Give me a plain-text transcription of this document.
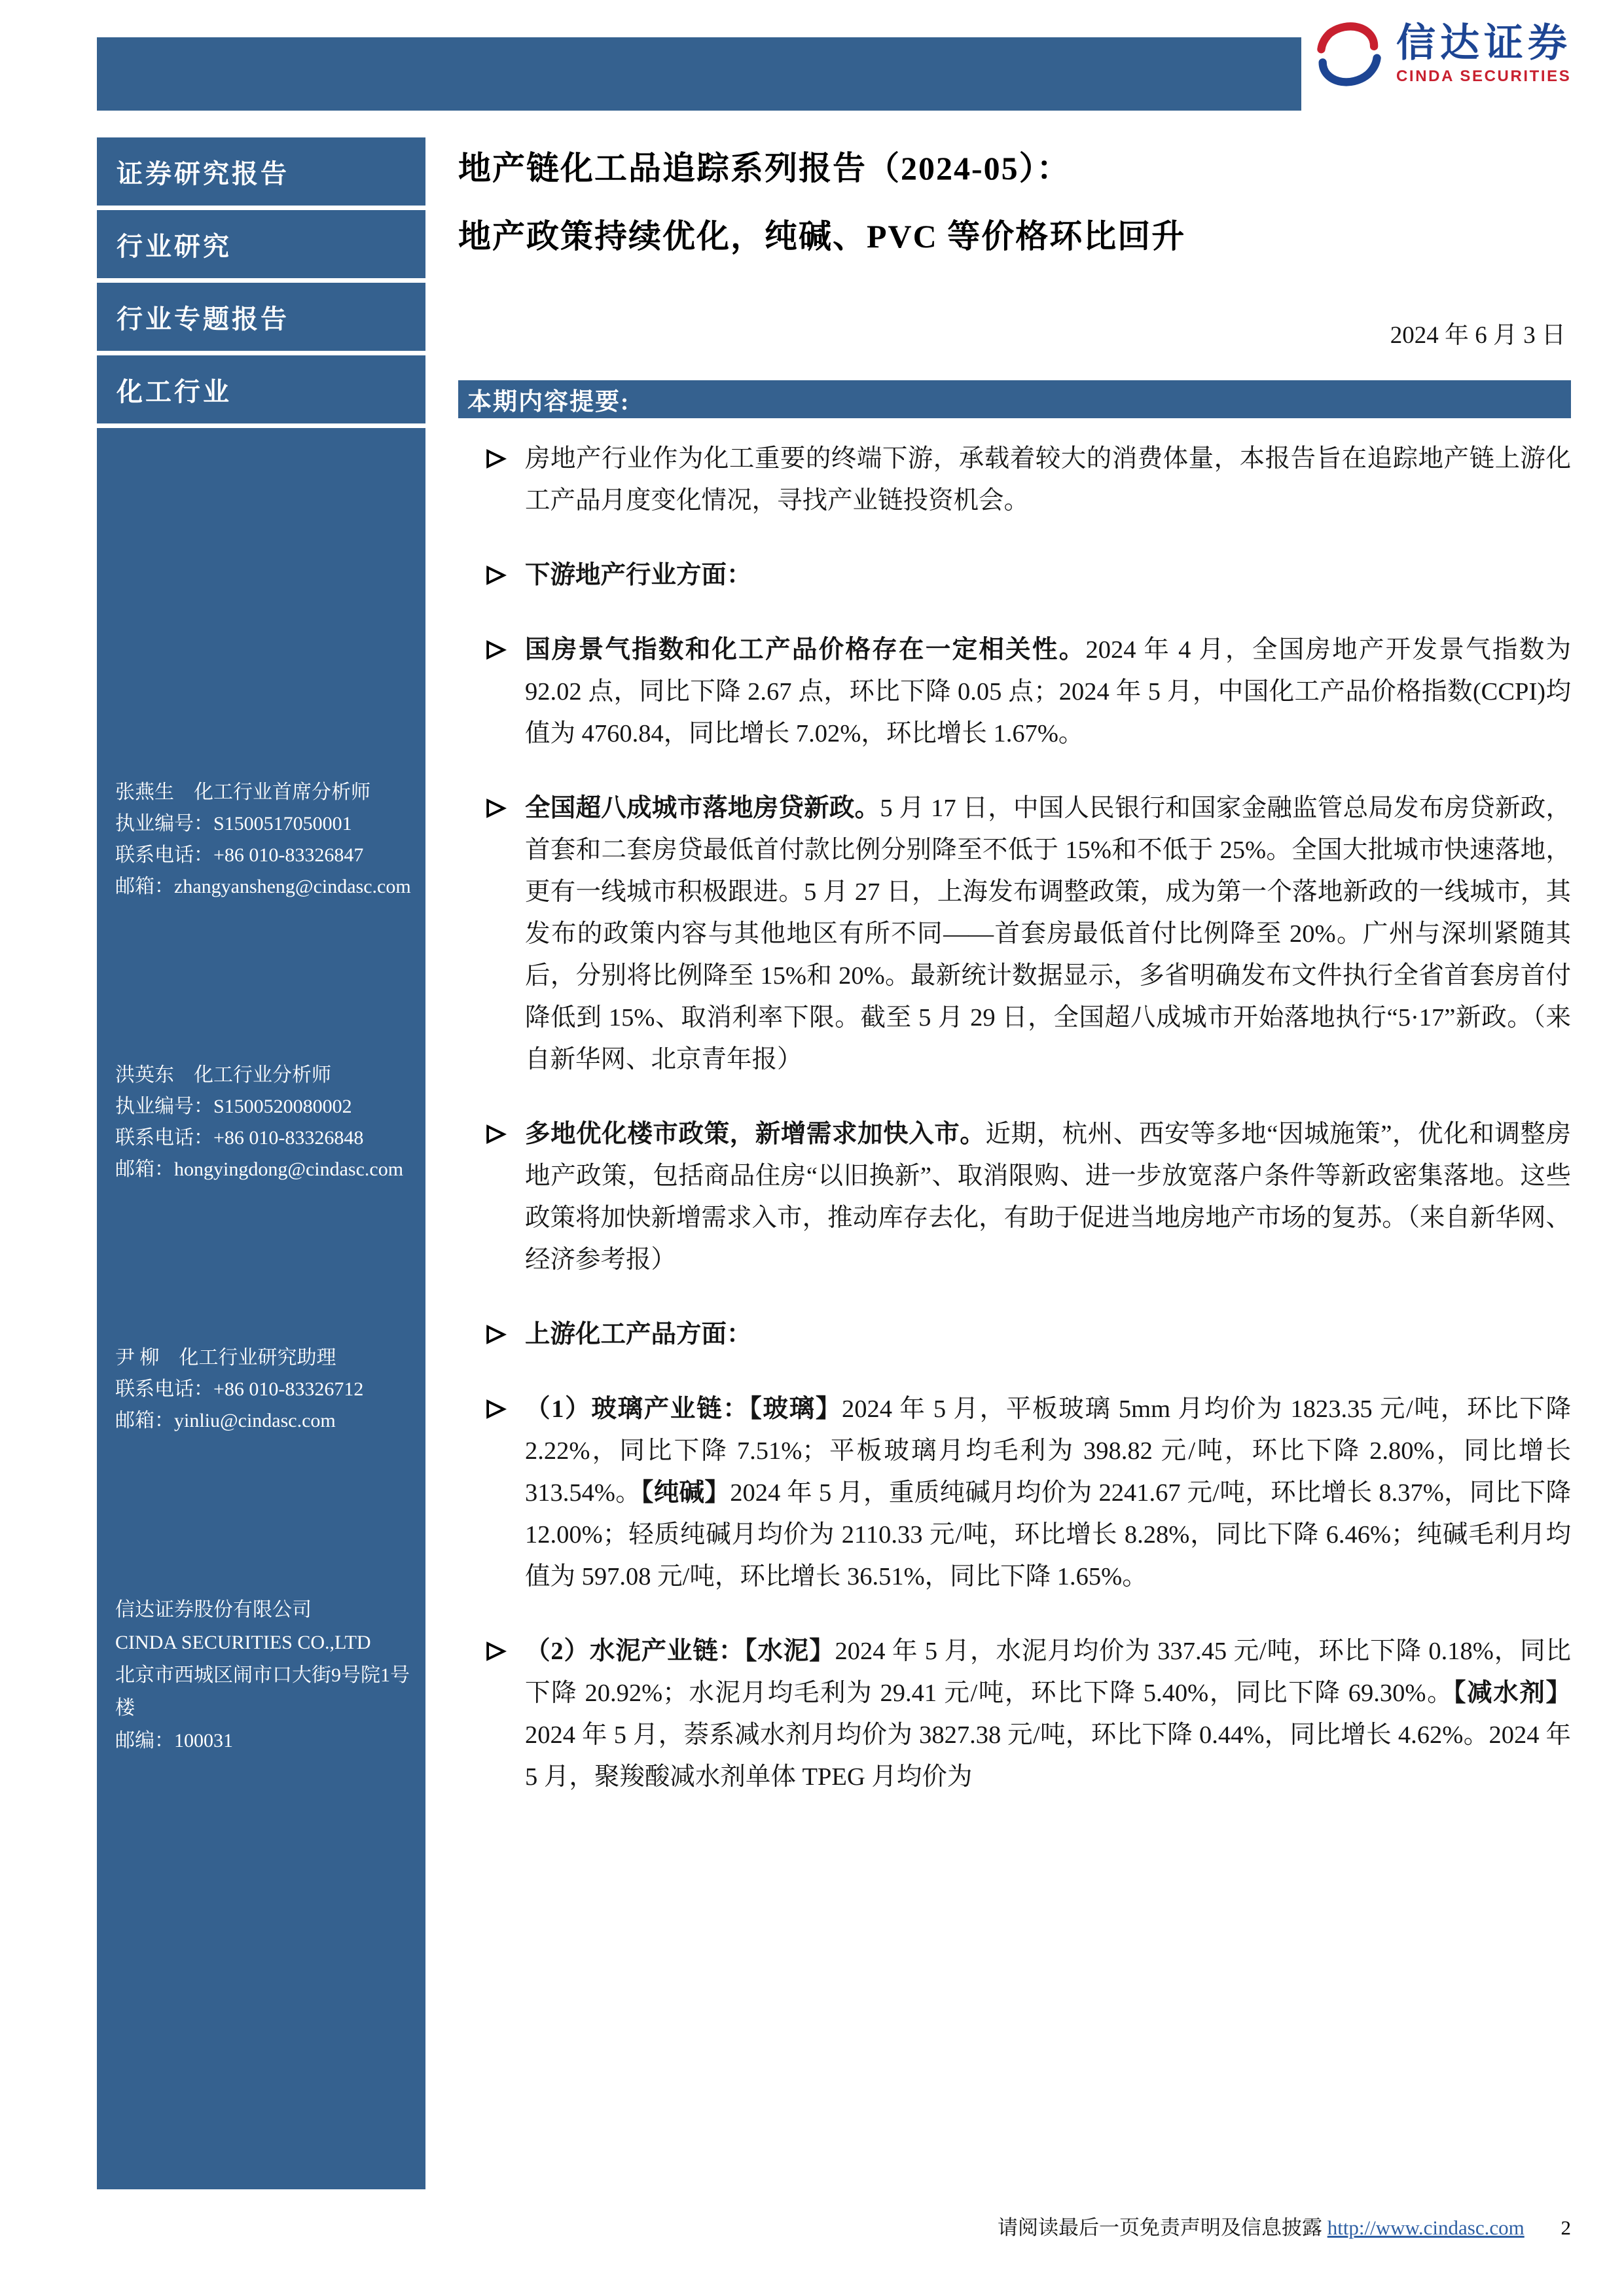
信达证券
CINDA SECURITIES
证券研究报告
行业研究
行业专题报告
化工行业
张燕生　化工行业首席分析师
执业编号：S1500517050001
联系电话：+86 010-83326847
邮箱：zhangyansheng@cindasc.com
洪英东　化工行业分析师
执业编号：S1500520080002
联系电话：+86 010-83326848
邮箱：hongyingdong@cindasc.com
尹 柳　化工行业研究助理
联系电话：+86 010-83326712
邮箱：yinliu@cindasc.com
信达证券股份有限公司
CINDA SECURITIES CO.,LTD
北京市西城区闹市口大街9号院1号楼
邮编：100031
地产链化工品追踪系列报告（2024-05）：
地产政策持续优化，纯碱、PVC 等价格环比回升
2024 年 6 月 3 日
本期内容提要:
房地产行业作为化工重要的终端下游，承载着较大的消费体量，本报告旨在追踪地产链上游化工产品月度变化情况，寻找产业链投资机会。
下游地产行业方面：
国房景气指数和化工产品价格存在一定相关性。2024 年 4 月，全国房地产开发景气指数为 92.02 点，同比下降 2.67 点，环比下降 0.05 点；2024 年 5 月，中国化工产品价格指数(CCPI)均值为 4760.84，同比增长 7.02%，环比增长 1.67%。
全国超八成城市落地房贷新政。5 月 17 日，中国人民银行和国家金融监管总局发布房贷新政，首套和二套房贷最低首付款比例分别降至不低于 15%和不低于 25%。全国大批城市快速落地，更有一线城市积极跟进。5 月 27 日，上海发布调整政策，成为第一个落地新政的一线城市，其发布的政策内容与其他地区有所不同——首套房最低首付比例降至 20%。广州与深圳紧随其后，分别将比例降至 15%和 20%。最新统计数据显示，多省明确发布文件执行全省首套房首付降低到 15%、取消利率下限。截至 5 月 29 日，全国超八成城市开始落地执行“5·17”新政。（来自新华网、北京青年报）
多地优化楼市政策，新增需求加快入市。近期，杭州、西安等多地“因城施策”，优化和调整房地产政策，包括商品住房“以旧换新”、取消限购、进一步放宽落户条件等新政密集落地。这些政策将加快新增需求入市，推动库存去化，有助于促进当地房地产市场的复苏。（来自新华网、经济参考报）
上游化工产品方面：
（1）玻璃产业链：【玻璃】2024 年 5 月，平板玻璃 5mm 月均价为 1823.35 元/吨，环比下降 2.22%，同比下降 7.51%；平板玻璃月均毛利为 398.82 元/吨，环比下降 2.80%，同比增长 313.54%。【纯碱】2024 年 5 月，重质纯碱月均价为 2241.67 元/吨，环比增长 8.37%，同比下降 12.00%；轻质纯碱月均价为 2110.33 元/吨，环比增长 8.28%，同比下降 6.46%；纯碱毛利月均值为 597.08 元/吨，环比增长 36.51%，同比下降 1.65%。
（2）水泥产业链：【水泥】2024 年 5 月，水泥月均价为 337.45 元/吨，环比下降 0.18%，同比下降 20.92%；水泥月均毛利为 29.41 元/吨，环比下降 5.40%，同比下降 69.30%。【减水剂】2024 年 5 月，萘系减水剂月均价为 3827.38 元/吨，环比下降 0.44%，同比增长 4.62%。2024 年 5 月，聚羧酸减水剂单体 TPEG 月均价为
请阅读最后一页免责声明及信息披露 http://www.cindasc.com 2
